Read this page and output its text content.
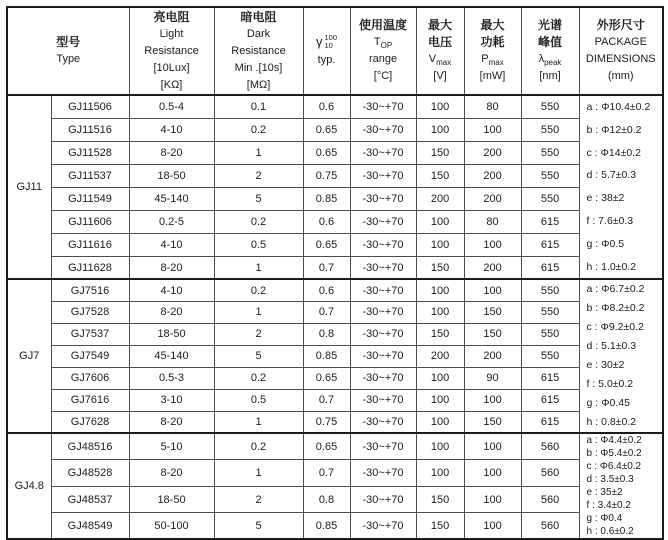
型号
Type

亮电阻
Light
Resistance
[10Lux]
[KΩ]

暗电阻
Dark
Resistance
Min .[10s]
[MΩ]

γ 100
10
typ.

使用温度
$T_{OP}$
range
[°C]

最大
电压
$V_{max}$
[V]

最大
功耗
$P_{max}$
[mW]

光谱
峰值
$\lambda_{peak}$
[nm]

外形尺寸
PACKAGE
DIMENSIONS
(mm)

GJ11	GJ11506	0.5-4	0.1	0.6	-30~+70	100	80	550	a : Φ10.4±0.2
b : Φ12±0.2
c : Φ14±0.2
d : 5.7±0.3
e : 38±2
f : 7.6±0.3
g : Φ0.5
h : 1.0±0.2

	GJ11516	4-10	0.2	0.65	-30~+70	100	100	550	
	GJ11528	8-20	1	0.65	-30~+70	150	200	550	
	GJ11537	18-50	2	0.75	-30~+70	150	200	550	
	GJ11549	45-140	5	0.85	-30~+70	200	200	550	
	GJ11606	0.2-5	0.2	0.6	-30~+70	100	80	615	
	GJ11616	4-10	0.5	0.65	-30~+70	100	100	615	
	GJ11628	8-20	1	0.7	-30~+70	150	200	615	
GJ7	GJ7516	4-10	0.2	0.6	-30~+70	100	100	550	a : Φ6.7±0.2
b : Φ8.2±0.2
c : Φ9.2±0.2
d : 5.1±0.3
e : 30±2
f : 5.0±0.2
g : Φ0.45
h : 0.8±0.2

	GJ7528	8-20	1	0.7	-30~+70	100	150	550	
	GJ7537	18-50	2	0.8	-30~+70	150	150	550	
	GJ7549	45-140	5	0.85	-30~+70	200	200	550	
	GJ7606	0.5-3	0.2	0.65	-30~+70	100	90	615	
	GJ7616	3-10	0.5	0.7	-30~+70	100	100	615	
	GJ7628	8-20	1	0.75	-30~+70	100	150	615	
GJ4.8	GJ48516	5-10	0.2	0.65	-30~+70	100	100	560	a : Φ4.4±0.2
b : Φ5.4±0.2
c : Φ6.4±0.2
d : 3.5±0.3
e : 35±2
f : 3.4±0.2
g : Φ0.4
h : 0.6±0.2

	GJ48528	8-20	1	0.7	-30~+70	100	100	560	
	GJ48537	18-50	2	0.8	-30~+70	150	100	560	
	GJ48549	50-100	5	0.85	-30~+70	150	100	560	
